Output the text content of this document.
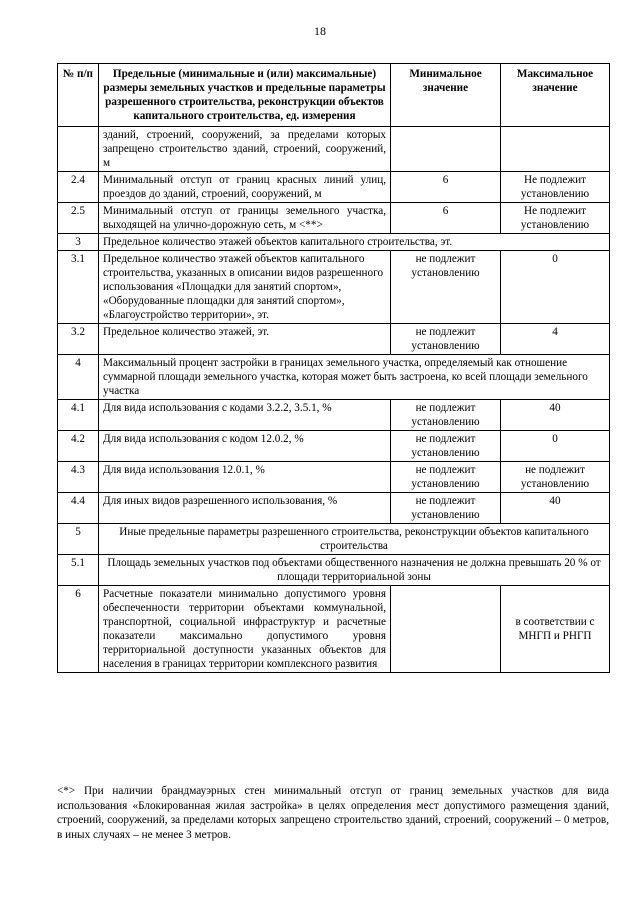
18
№ п/п	Предельные (минимальные и (или) максимальные) размеры земельных участков и предельные параметры разрешенного строительства, реконструкции объектов капитального строительства, ед. измерения	Минимальное значение	Максимальное значение
	зданий, строений, сооружений, за пределами которых запрещено строительство зданий, строений, сооружений, м		
2.4	Минимальный отступ от границ красных линий улиц, проездов до зданий, строений, сооружений, м	6	Не подлежит установлению
2.5	Минимальный отступ от границы земельного участка, выходящей на улично-дорожную сеть, м <**>	6	Не подлежит установлению
3	Предельное количество этажей объектов капитального строительства, эт.		
3.1	Предельное количество этажей объектов капитального строительства, указанных в описании видов разрешенного использования «Площадки для занятий спортом», «Оборудованные площадки для занятий спортом», «Благоустройство территории», эт.	не подлежит установлению	0
3.2	Предельное количество этажей, эт.	не подлежит установлению	4
4	Максимальный процент застройки в границах земельного участка, определяемый как отношение суммарной площади земельного участка, которая может быть застроена, ко всей площади земельного участка		
4.1	Для вида использования с кодами 3.2.2, 3.5.1, %	не подлежит установлению	40
4.2	Для вида использования с кодом 12.0.2, %	не подлежит установлению	0
4.3	Для вида использования 12.0.1, %	не подлежит установлению	не подлежит установлению
4.4	Для иных видов разрешенного использования, %	не подлежит установлению	40
5	Иные предельные параметры разрешенного строительства, реконструкции объектов капитального строительства		
5.1	Площадь земельных участков под объектами общественного назначения не должна превышать 20 % от площади территориальной зоны		
6	Расчетные показатели минимально допустимого уровня обеспеченности территории объектами коммунальной, транспортной, социальной инфраструктур и расчетные показатели максимально допустимого уровня территориальной доступности указанных объектов для населения в границах территории комплексного развития		в соответствии с МНГП и РНГП
<*> При наличии брандмауэрных стен минимальный отступ от границ земельных участков для вида использования «Блокированная жилая застройка» в целях определения мест допустимого размещения зданий, строений, сооружений, за пределами которых запрещено строительство зданий, строений, сооружений – 0 метров, в иных случаях – не менее 3 метров.
